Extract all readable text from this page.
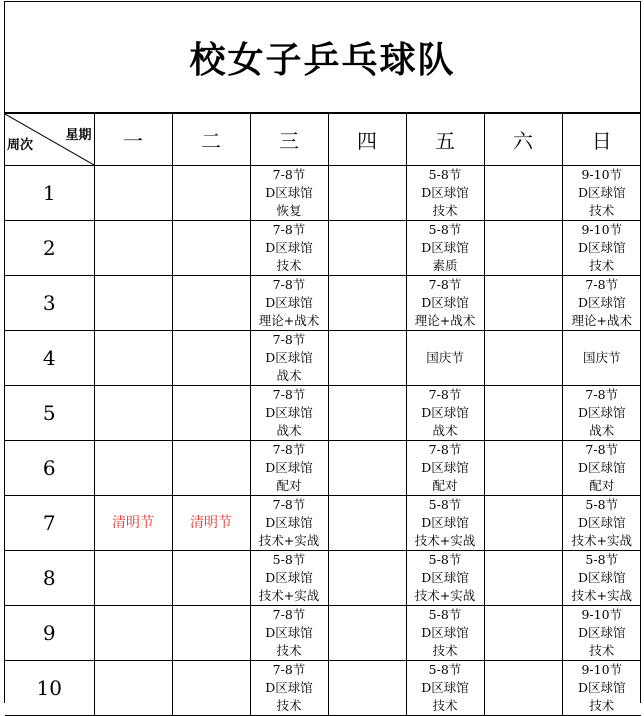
校女子乒乓球队
星期
周次	一	二	三	四	五	六	日
1			7-8节
D区球馆
恢复		5-8节
D区球馆
技术		9-10节
D区球馆
技术

2			7-8节
D区球馆
技术		5-8节
D区球馆
素质		9-10节
D区球馆
技术

3			7-8节
D区球馆
理论+战术		7-8节
D区球馆
理论+战术		7-8节
D区球馆
理论+战术

4			7-8节
D区球馆
战术		国庆节		国庆节

5			7-8节
D区球馆
战术		7-8节
D区球馆
战术		7-8节
D区球馆
战术

6			7-8节
D区球馆
配对		7-8节
D区球馆
配对		7-8节
D区球馆
配对

7	清明节	清明节	7-8节
D区球馆
技术+实战		5-8节
D区球馆
技术+实战		5-8节
D区球馆
技术+实战

8			5-8节
D区球馆
技术+实战		5-8节
D区球馆
技术+实战		5-8节
D区球馆
技术+实战

9			7-8节
D区球馆
技术		5-8节
D区球馆
技术		9-10节
D区球馆
技术

10			7-8节
D区球馆
技术		5-8节
D区球馆
技术		9-10节
D区球馆
技术
